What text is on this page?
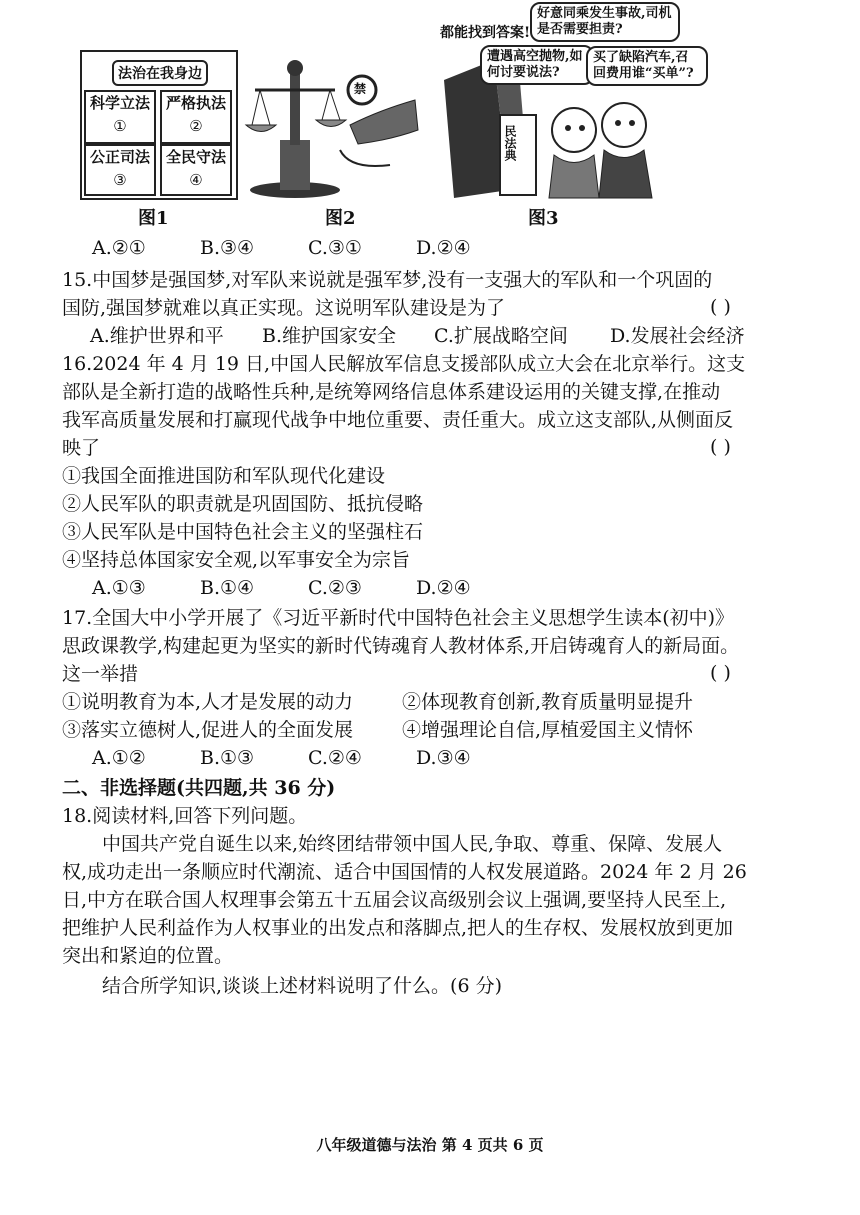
法治在我身边
科学立法
①
严格执法
②
公正司法
③
全民守法
④
图1
禁
图2
民法典
都能找到答案!
好意同乘发生事故,司机是否需要担责?
遭遇高空抛物,如何讨要说法?
买了缺陷汽车,召回费用谁“买单”?
图3
A.②①	B.③④	C.③①	D.②④
15.中国梦是强国梦,对军队来说就是强军梦,没有一支强大的军队和一个巩固的
国防,强国梦就难以真正实现。这说明军队建设是为了	( )
A.维护世界和平 B.维护国家安全 C.扩展战略空间 D.发展社会经济
16.2024 年 4 月 19 日,中国人民解放军信息支援部队成立大会在北京举行。这支
部队是全新打造的战略性兵种,是统筹网络信息体系建设运用的关键支撑,在推动
我军高质量发展和打赢现代战争中地位重要、责任重大。成立这支部队,从侧面反
映了	( )
①我国全面推进国防和军队现代化建设
②人民军队的职责就是巩固国防、抵抗侵略
③人民军队是中国特色社会主义的坚强柱石
④坚持总体国家安全观,以军事安全为宗旨
A.①③	B.①④	C.②③	D.②④
17.全国大中小学开展了《习近平新时代中国特色社会主义思想学生读本(初中)》
思政课教学,构建起更为坚实的新时代铸魂育人教材体系,开启铸魂育人的新局面。
这一举措	( )
①说明教育为本,人才是发展的动力	②体现教育创新,教育质量明显提升
③落实立德树人,促进人的全面发展	④增强理论自信,厚植爱国主义情怀
A.①②	B.①③	C.②④	D.③④
二、非选择题(共四题,共 36 分)
18.阅读材料,回答下列问题。
中国共产党自诞生以来,始终团结带领中国人民,争取、尊重、保障、发展人
权,成功走出一条顺应时代潮流、适合中国国情的人权发展道路。2024 年 2 月 26
日,中方在联合国人权理事会第五十五届会议高级别会议上强调,要坚持人民至上,
把维护人民利益作为人权事业的出发点和落脚点,把人的生存权、发展权放到更加
突出和紧迫的位置。
结合所学知识,谈谈上述材料说明了什么。(6 分)
八年级道德与法治 第 4 页共 6 页
